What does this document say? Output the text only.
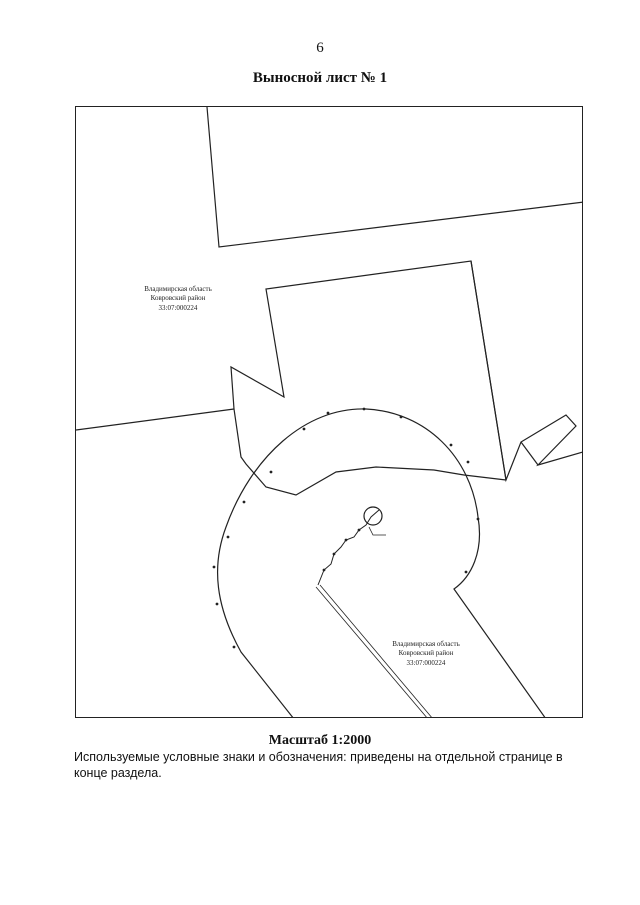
6
Выносной лист № 1
Владимирская область
Ковровский район
33:07:000224
Владимирская область
Ковровский район
33:07:000224
Масштаб 1:2000
Используемые условные знаки и обозначения: приведены на отдельной странице в конце раздела.
